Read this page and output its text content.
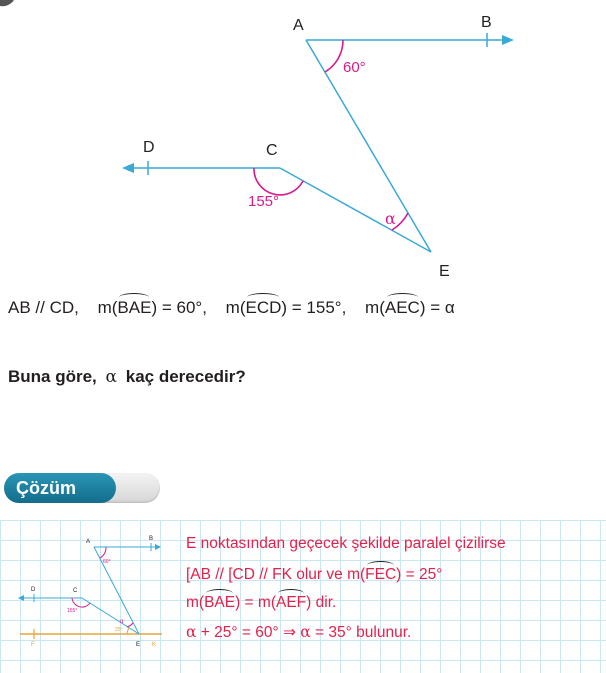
A	B
C
D
E
60°
155°
α
AB // CD, m(BAE) = 60°, m(ECD) = 155°, m(AEC) = α
Buna göre, α kaç derecedir?
Çözüm
A	B
C
D
E
F	K
60°
155°
α
25°
E noktasından geçecek şekilde paralel çizilirse
[AB // [CD // FK olur ve m(FEC) = 25°
m(BAE) = m(AEF) dir.
α + 25° = 60° ⇒ α = 35° bulunur.
